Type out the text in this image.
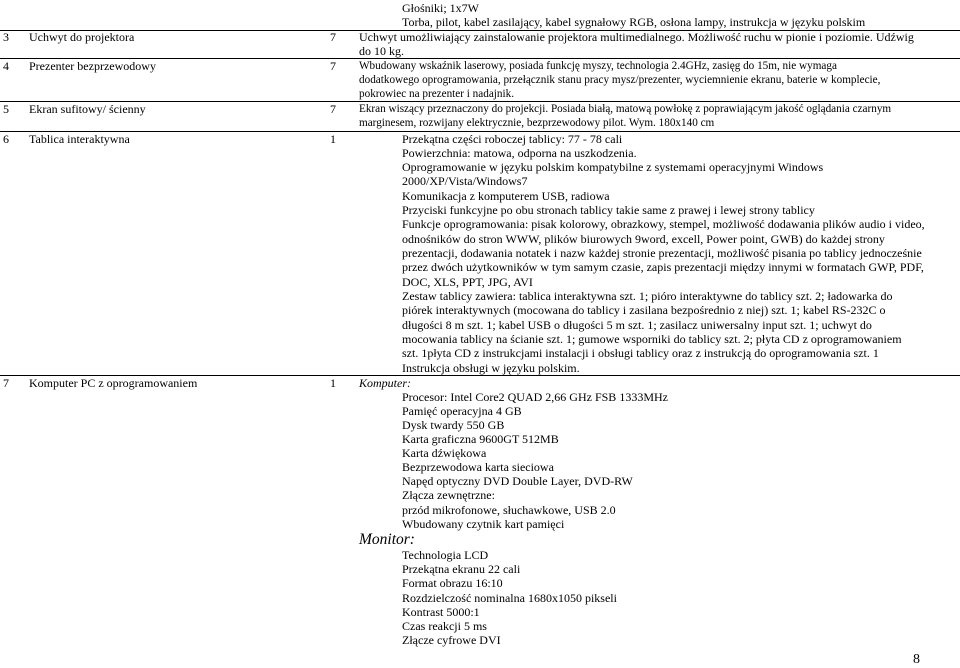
Głośniki; 1x7W
Torba, pilot, kabel zasilający, kabel sygnałowy RGB, osłona lampy, instrukcja w języku polskim
3 Uchwyt do projektora	7 Uchwyt umożliwiający zainstalowanie projektora multimedialnego. Możliwość ruchu w pionie i poziomie. Udźwig
do 10 kg.
4 Prezenter bezprzewodowy	7 Wbudowany wskaźnik laserowy, posiada funkcję myszy, technologia 2.4GHz, zasięg do 15m, nie wymaga
dodatkowego oprogramowania, przełącznik stanu pracy mysz/prezenter, wyciemnienie ekranu, baterie w komplecie,
pokrowiec na prezenter i nadajnik.
5 Ekran sufitowy/ ścienny	7 Ekran wiszący przeznaczony do projekcji. Posiada białą, matową powłokę z poprawiającym jakość oglądania czarnym
marginesem, rozwijany elektrycznie, bezprzewodowy pilot. Wym. 180x140 cm
6 Tablica interaktywna	1	Przekątna części roboczej tablicy: 77 - 78 cali
Powierzchnia: matowa, odporna na uszkodzenia.
Oprogramowanie w języku polskim kompatybilne z systemami operacyjnymi Windows
2000/XP/Vista/Windows7
Komunikacja z komputerem USB, radiowa
Przyciski funkcyjne po obu stronach tablicy takie same z prawej i lewej strony tablicy
Funkcje oprogramowania: pisak kolorowy, obrazkowy, stempel, możliwość dodawania plików audio i video,
odnośników do stron WWW, plików biurowych 9word, excell, Power point, GWB) do każdej strony
prezentacji, dodawania notatek i nazw każdej stronie prezentacji, możliwość pisania po tablicy jednocześnie
przez dwóch użytkowników w tym samym czasie, zapis prezentacji między innymi w formatach GWP, PDF,
DOC, XLS, PPT, JPG, AVI
Zestaw tablicy zawiera: tablica interaktywna szt. 1; pióro interaktywne do tablicy szt. 2; ładowarka do
piórek interaktywnych (mocowana do tablicy i zasilana bezpośrednio z niej) szt. 1; kabel RS-232C o
długości 8 m szt. 1; kabel USB o długości 5 m szt. 1; zasilacz uniwersalny input szt. 1; uchwyt do
mocowania tablicy na ścianie szt. 1; gumowe wsporniki do tablicy szt. 2; płyta CD z oprogramowaniem
szt. 1płyta CD z instrukcjami instalacji i obsługi tablicy oraz z instrukcją do oprogramowania szt. 1
Instrukcja obsługi w języku polskim.
7 Komputer PC z oprogramowaniem	1 Komputer:
Procesor: Intel Core2 QUAD 2,66 GHz FSB 1333MHz
Pamięć operacyjna 4 GB
Dysk twardy 550 GB
Karta graficzna 9600GT 512MB
Karta dźwiękowa
Bezprzewodowa karta sieciowa
Napęd optyczny DVD Double Layer, DVD-RW
Złącza zewnętrzne:
przód mikrofonowe, słuchawkowe, USB 2.0
Wbudowany czytnik kart pamięci
Monitor:
Technologia LCD
Przekątna ekranu 22 cali
Format obrazu 16:10
Rozdzielczość nominalna 1680x1050 pikseli
Kontrast 5000:1
Czas reakcji 5 ms
Złącze cyfrowe DVI
8
